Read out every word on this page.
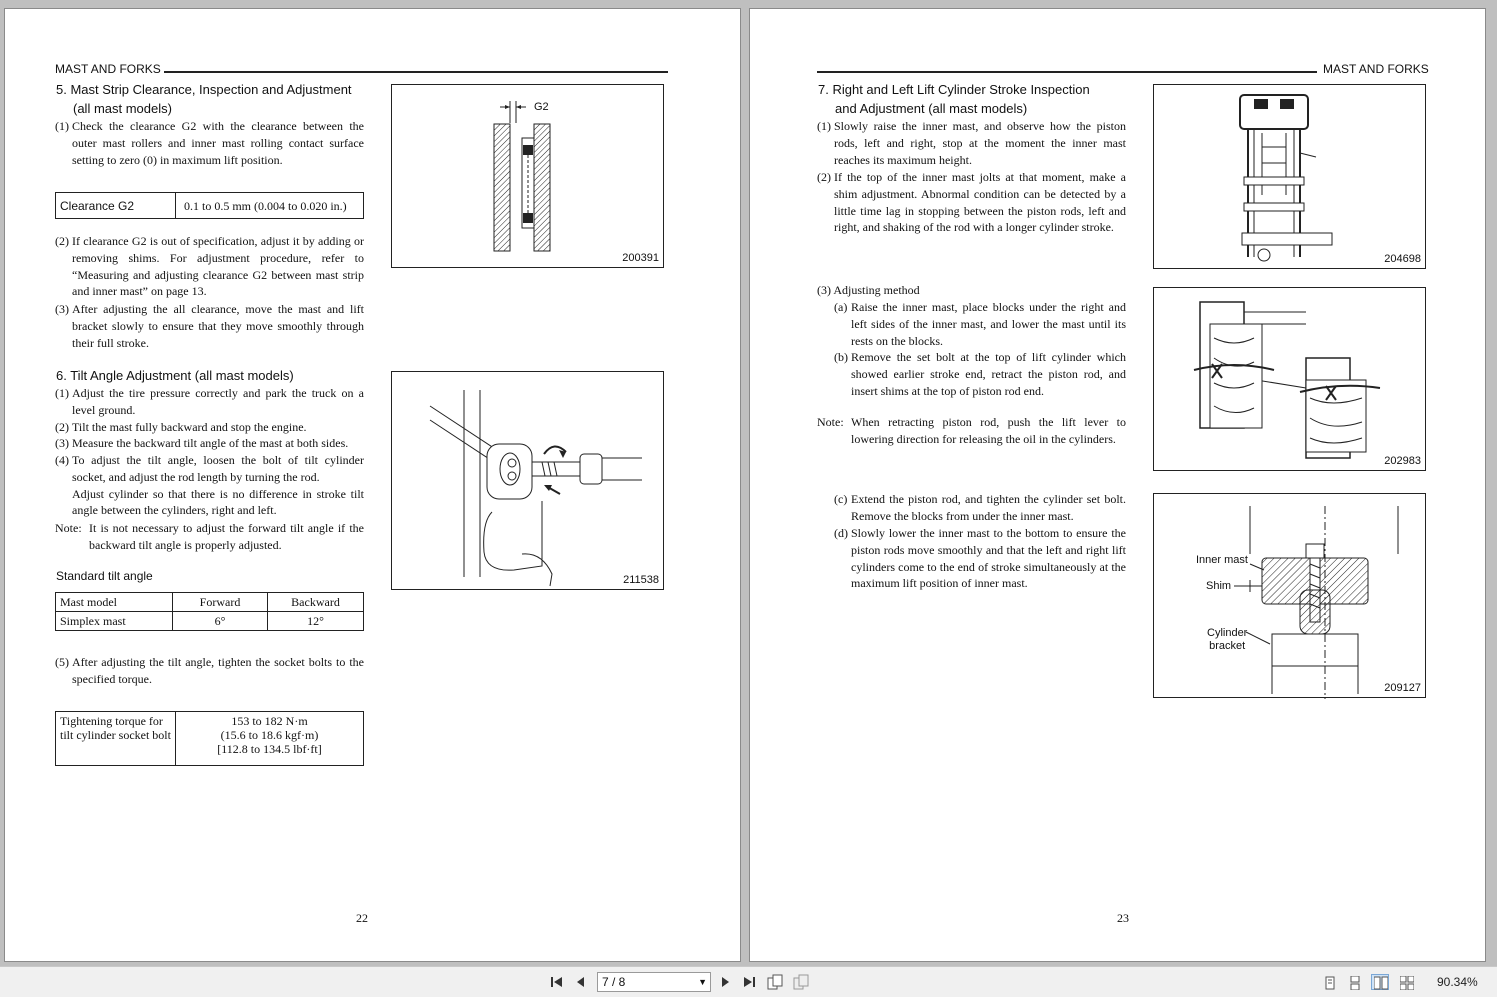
MAST AND FORKS
5. Mast Strip Clearance, Inspection and Adjustment
(all mast models)
(1) Check the clearance G2 with the clearance between the outer mast rollers and inner mast rolling contact surface setting to zero (0) in maximum lift position.
Clearance G2	0.1 to 0.5 mm (0.004 to 0.020 in.)
(2) If clearance G2 is out of specification, adjust it by adding or removing shims. For adjustment procedure, refer to “Measuring and adjusting clearance G2 between mast strip and inner mast” on page 13.
(3) After adjusting the all clearance, move the mast and lift bracket slowly to ensure that they move smoothly through their full stroke.
G2
200391
6. Tilt Angle Adjustment (all mast models)
(1) Adjust the tire pressure correctly and park the truck on a level ground.
(2) Tilt the mast fully backward and stop the engine.
(3) Measure the backward tilt angle of the mast at both sides.
(4) To adjust the tilt angle, loosen the bolt of tilt cylinder socket, and adjust the rod length by turning the rod.
Adjust cylinder so that there is no difference in stroke tilt angle between the cylinders, right and left.
Note: It is not necessary to adjust the forward tilt angle if the backward tilt angle is properly adjusted.
Standard tilt angle
Mast model	Forward	Backward
Simplex mast	6°	12°
(5) After adjusting the tilt angle, tighten the socket bolts to the specified torque.
Tightening torque for tilt cylinder socket bolt	
153 to 182 N·m
(15.6 to 18.6 kgf·m)
[112.8 to 134.5 lbf·ft]
211538
22
MAST AND FORKS
7. Right and Left Lift Cylinder Stroke Inspection
and Adjustment (all mast models)
(1) Slowly raise the inner mast, and observe how the piston rods, left and right, stop at the moment the inner mast reaches its maximum height.
(2) If the top of the inner mast jolts at that moment, make a shim adjustment. Abnormal condition can be detected by a little time lag in stopping between the piston rods, left and right, and shaking of the rod with a longer cylinder stroke.
(3) Adjusting method
(a) Raise the inner mast, place blocks under the right and left sides of the inner mast, and lower the mast until its rests on the blocks.
(b) Remove the set bolt at the top of lift cylinder which showed earlier stroke end, retract the piston rod, and insert shims at the top of piston rod end.
Note: When retracting piston rod, push the lift lever to lowering direction for releasing the oil in the cylinders.
(c) Extend the piston rod, and tighten the cylinder set bolt. Remove the blocks from under the inner mast.
(d) Slowly lower the inner mast to the bottom to ensure the piston rods move smoothly and that the left and right lift cylinders come to the end of stroke simultaneously at the maximum lift position of inner mast.
204698
202983
Inner mast
Shim
Cylinder
bracket
209127
23
7 / 8	▼	90.34%
